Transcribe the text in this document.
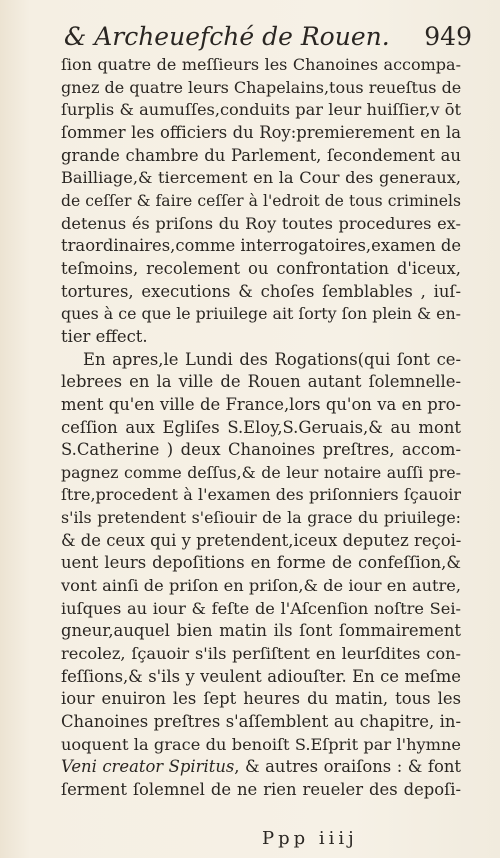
& Archeuefché de Rouen. 949
ſion quatre de meſſieurs les Chanoines accompa-
gnez de quatre leurs Chapelains,tous reueſtus de
ſurplis & aumuſſes,conduits par leur huiſſier,v ōt
ſommer les officiers du Roy:premierement en la
grande chambre du Parlement, ſecondement au
Bailliage,& tiercement en la Cour des generaux,
de ceſſer & faire ceſſer à l'edroit de tous criminels
detenus és priſons du Roy toutes procedures ex-
traordinaires,comme interrogatoires,examen de
teſmoins, recolement ou confrontation d'iceux,
tortures, executions & choſes ſemblables , iuſ-
ques à ce que le priuilege ait ſorty ſon plein & en-
tier effect.
En apres,le Lundi des Rogations(qui ſont ce-
lebrees en la ville de Rouen autant ſolemnelle-
ment qu'en ville de France,lors qu'on va en pro-
ceſſion aux Egliſes S.Eloy,S.Geruais,& au mont
S.Catherine ) deux Chanoines preſtres, accom-
pagnez comme deſſus,& de leur notaire auſſi pre-
ſtre,procedent à l'examen des priſonniers ſçauoir
s'ils pretendent s'eſiouir de la grace du priuilege:
& de ceux qui y pretendent,iceux deputez reçoi-
uent leurs depoſitions en forme de confeſſion,&
vont ainſi de priſon en priſon,& de iour en autre,
iuſques au iour & feſte de l'Aſcenſion noſtre Sei-
gneur,auquel bien matin ils ſont ſommairement
recolez, ſçauoir s'ils perſiſtent en leurſdites con-
feſſions,& s'ils y veulent adiouſter. En ce meſme
iour enuiron les ſept heures du matin, tous les
Chanoines preſtres s'aſſemblent au chapitre, in-
uoquent la grace du benoiſt S.Eſprit par l'hymne
Veni creator Spiritus, & autres oraiſons : & font
ſerment ſolemnel de ne rien reueler des depoſi-
Ppp iiij
